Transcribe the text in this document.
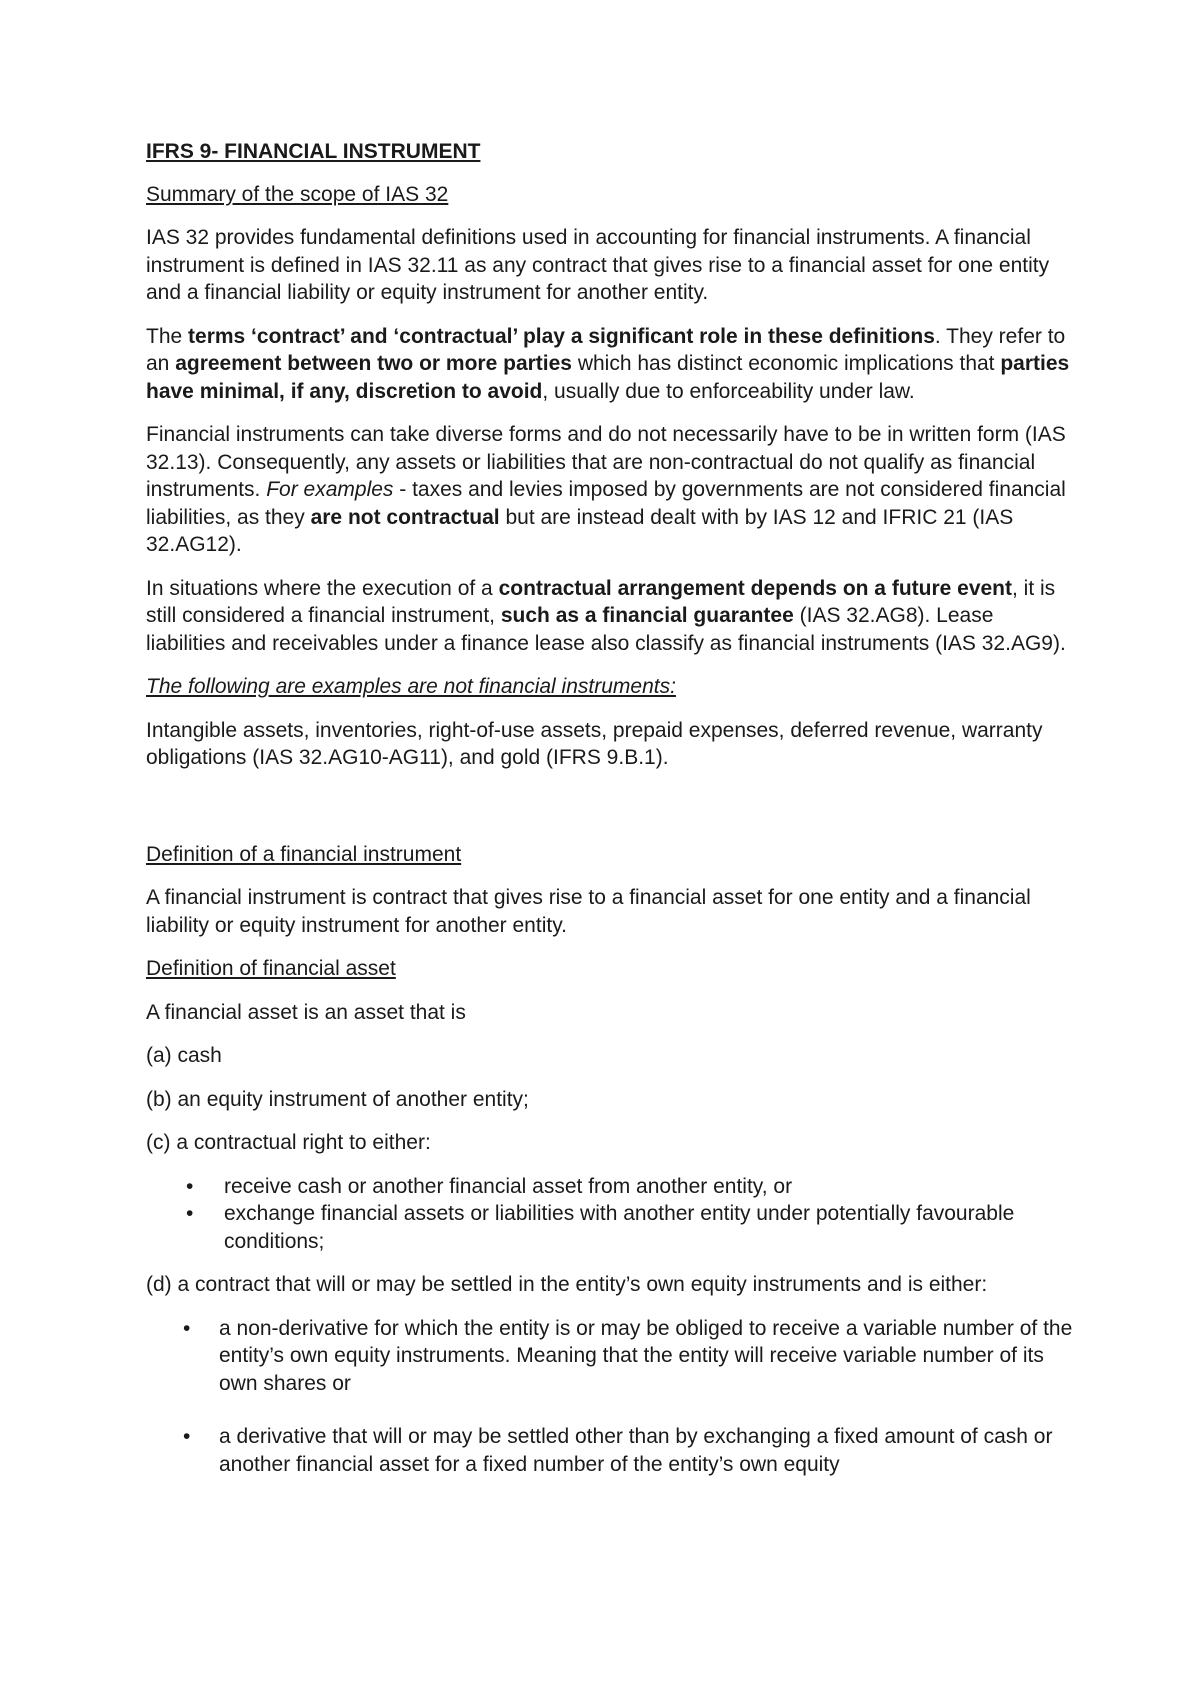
IFRS 9- FINANCIAL INSTRUMENT

Summary of the scope of IAS 32

IAS 32 provides fundamental definitions used in accounting for financial instruments. A financial instrument is defined in IAS 32.11 as any contract that gives rise to a financial asset for one entity and a financial liability or equity instrument for another entity.

The terms ‘contract’ and ‘contractual’ play a significant role in these definitions. They refer to an agreement between two or more parties which has distinct economic implications that parties have minimal, if any, discretion to avoid, usually due to enforceability under law.

Financial instruments can take diverse forms and do not necessarily have to be in written form (IAS 32.13). Consequently, any assets or liabilities that are non-contractual do not qualify as financial instruments. For examples - taxes and levies imposed by governments are not considered financial liabilities, as they are not contractual but are instead dealt with by IAS 12 and IFRIC 21 (IAS 32.AG12).

In situations where the execution of a contractual arrangement depends on a future event, it is still considered a financial instrument, such as a financial guarantee (IAS 32.AG8). Lease liabilities and receivables under a finance lease also classify as financial instruments (IAS 32.AG9).

The following are examples are not financial instruments:

Intangible assets, inventories, right-of-use assets, prepaid expenses, deferred revenue, warranty obligations (IAS 32.AG10-AG11), and gold (IFRS 9.B.1).

Definition of a financial instrument

A financial instrument is contract that gives rise to a financial asset for one entity and a financial liability or equity instrument for another entity.

Definition of financial asset

A financial asset is an asset that is

(a) cash

(b) an equity instrument of another entity;

(c) a contractual right to either:

• receive cash or another financial asset from another entity, or
• exchange financial assets or liabilities with another entity under potentially favourable conditions;

(d) a contract that will or may be settled in the entity’s own equity instruments and is either:

• a non-derivative for which the entity is or may be obliged to receive a variable number of the entity’s own equity instruments. Meaning that the entity will receive variable number of its own shares or
• a derivative that will or may be settled other than by exchanging a fixed amount of cash or another financial asset for a fixed number of the entity’s own equity
